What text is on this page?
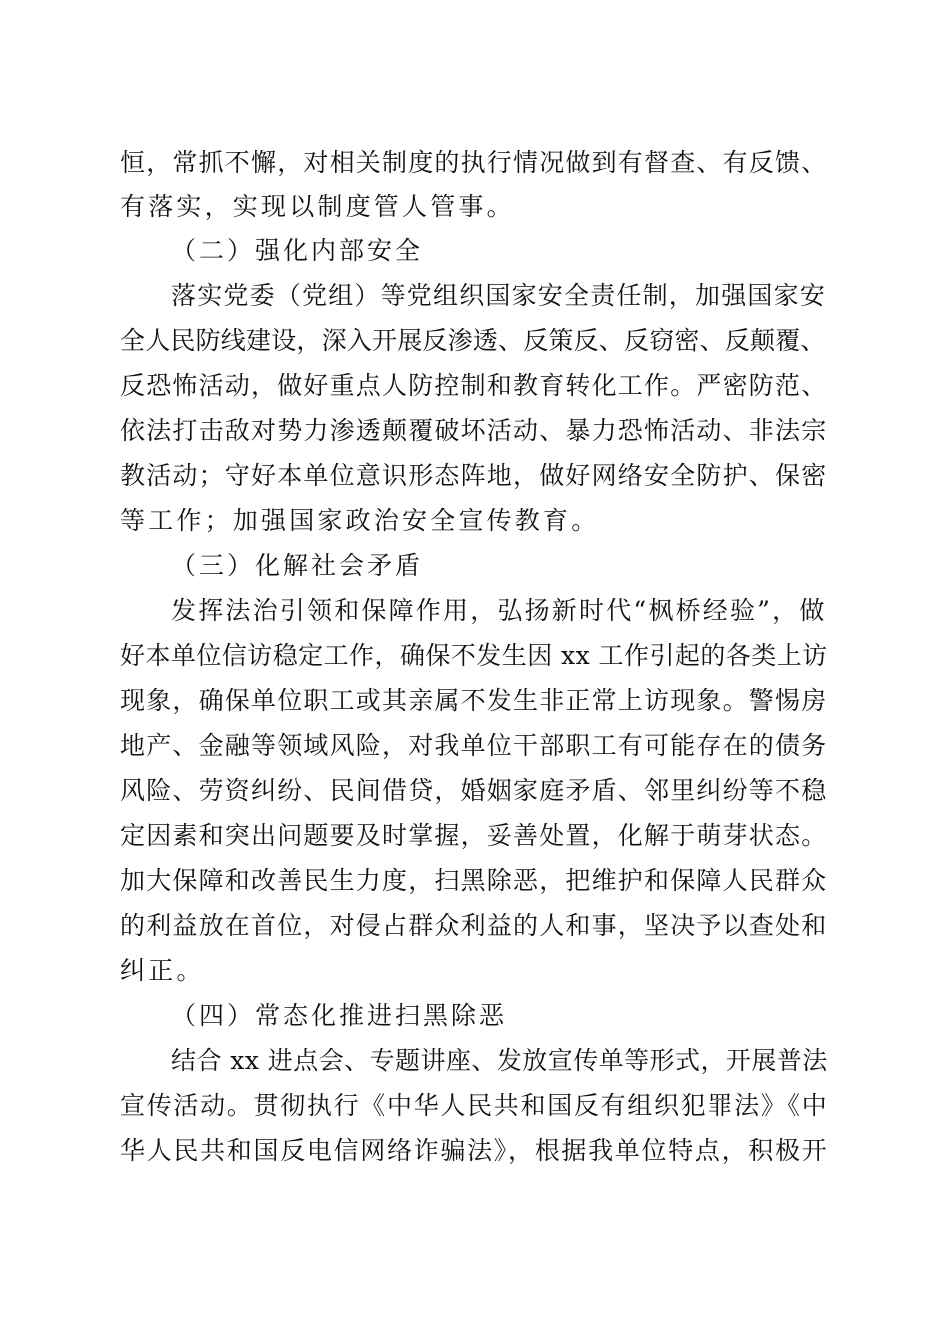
恒，常抓不懈，对相关制度的执行情况做到有督查、有反馈、
有落实，实现以制度管人管事。
（二）强化内部安全
落实党委（党组）等党组织国家安全责任制，加强国家安
全人民防线建设，深入开展反渗透、反策反、反窃密、反颠覆、
反恐怖活动，做好重点人防控制和教育转化工作。严密防范、
依法打击敌对势力渗透颠覆破坏活动、暴力恐怖活动、非法宗
教活动；守好本单位意识形态阵地，做好网络安全防护、保密
等工作；加强国家政治安全宣传教育。
（三）化解社会矛盾
发挥法治引领和保障作用，弘扬新时代“枫桥经验”，做
好本单位信访稳定工作，确保不发生因 xx 工作引起的各类上访
现象，确保单位职工或其亲属不发生非正常上访现象。警惕房
地产、金融等领域风险，对我单位干部职工有可能存在的债务
风险、劳资纠纷、民间借贷，婚姻家庭矛盾、邻里纠纷等不稳
定因素和突出问题要及时掌握，妥善处置，化解于萌芽状态。
加大保障和改善民生力度，扫黑除恶，把维护和保障人民群众
的利益放在首位，对侵占群众利益的人和事，坚决予以查处和
纠正。
（四）常态化推进扫黑除恶
结合 xx 进点会、专题讲座、发放宣传单等形式，开展普法
宣传活动。贯彻执行《中华人民共和国反有组织犯罪法》《中
华人民共和国反电信网络诈骗法》，根据我单位特点，积极开
